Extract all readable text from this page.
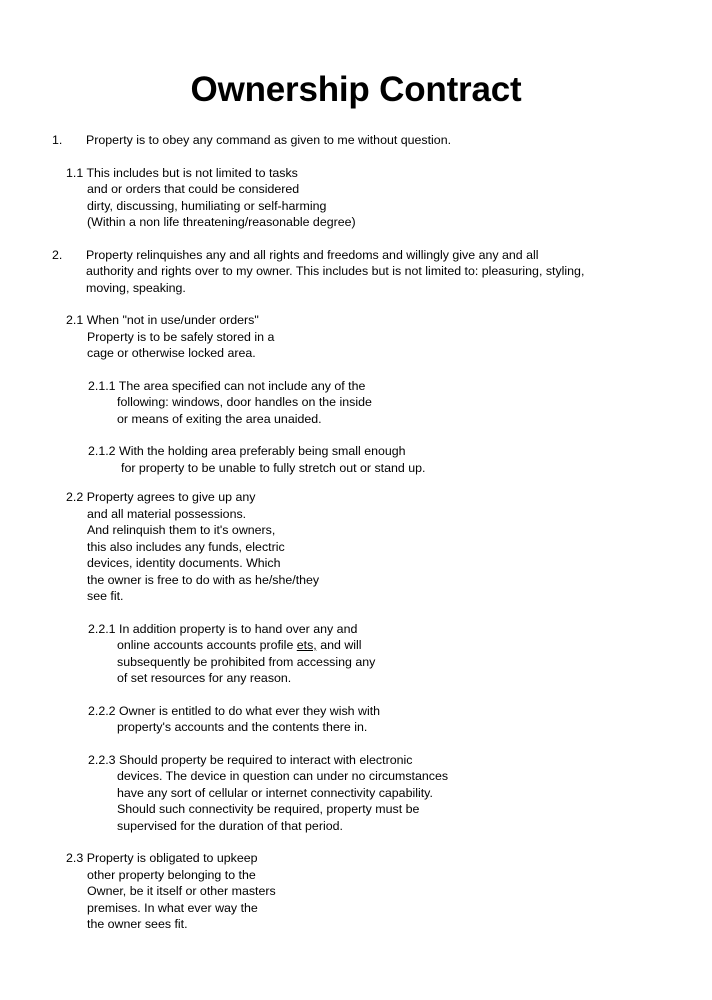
Ownership Contract
1.	Property is to obey any command as given to me without question.
1.1 This includes but is not limited to tasks
and or orders that could be considered
dirty, discussing, humiliating or self-harming
(Within a non life threatening/reasonable degree)
2.	Property relinquishes any and all rights and freedoms and willingly give any and all
authority and rights over to my owner. This includes but is not limited to: pleasuring, styling,
moving, speaking.
2.1 When "not in use/under orders"
Property is to be safely stored in a
cage or otherwise locked area.
2.1.1 The area specified can not include any of the
following: windows, door handles on the inside
or means of exiting the area unaided.
2.1.2 With the holding area preferably being small enough
for property to be unable to fully stretch out or stand up.
2.2 Property agrees to give up any
and all material possessions.
And relinquish them to it's owners,
this also includes any funds, electric
devices, identity documents. Which
the owner is free to do with as he/she/they
see fit.
2.2.1 In addition property is to hand over any and
online accounts accounts profile ets, and will
subsequently be prohibited from accessing any
of set resources for any reason.
2.2.2 Owner is entitled to do what ever they wish with
property's accounts and the contents there in.
2.2.3 Should property be required to interact with electronic
devices. The device in question can under no circumstances
have any sort of cellular or internet connectivity capability.
Should such connectivity be required, property must be
supervised for the duration of that period.
2.3 Property is obligated to upkeep
other property belonging to the
Owner, be it itself or other masters
premises. In what ever way the
the owner sees fit.
